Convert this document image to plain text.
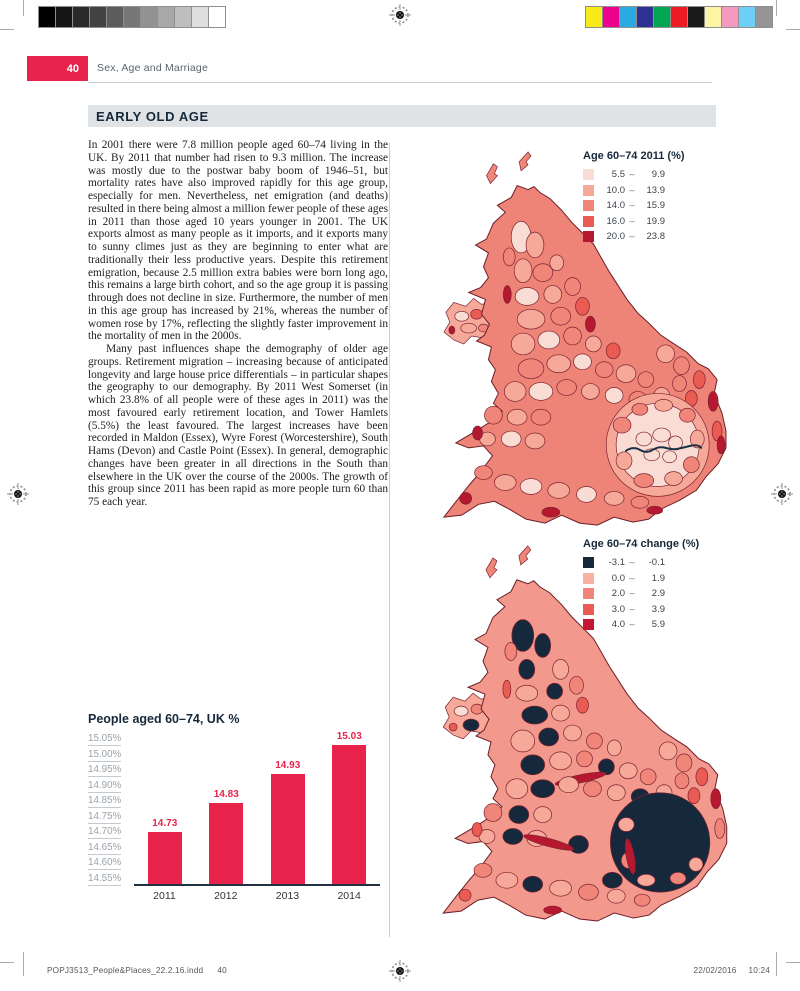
40 Sex, Age and Marriage
EARLY OLD AGE

In 2001 there were 7.8 million people aged 60–74 living in the UK. By 2011 that number had risen to 9.3 million. The increase was mostly due to the postwar baby boom of 1946–51, but mortality rates have also improved rapidly for this age group, especially for men. Nevertheless, net emigration (and deaths) resulted in there being almost a million fewer people of these ages in 2011 than those aged 10 years younger in 2001. The UK exports almost as many people as it imports, and it exports many to sunny climes just as they are beginning to enter what are traditionally their less productive years. Despite this retirement emigration, because 2.5 million extra babies were born long ago, this remains a large birth cohort, and so the age group it is passing through does not decline in size. Furthermore, the number of men in this age group has increased by 21%, whereas the number of women rose by 17%, reflecting the slightly faster improvement in the mortality of men in the 2000s.

Many past influences shape the demography of older age groups. Retirement migration – increasing because of anticipated longevity and large house price differentials – in particular shapes the geography to our demography. By 2011 West Somerset (in which 23.8% of all people were of these ages in 2011) was the most favoured early retirement location, and Tower Hamlets (5.5%) the least favoured. The largest increases have been recorded in Maldon (Essex), Wyre Forest (Worcestershire), South Hams (Devon) and Castle Point (Essex). In general, demographic changes have been greater in all directions in the South than elsewhere in the UK over the course of the 2000s. The growth of this group since 2011 has been rapid as more people turn 60 than 75 each year.

Age 60–74 2011 (%)
5.5 –	9.9
10.0 –	13.9
14.0 –	15.9
16.0 –	19.9
20.0 –	23.8
Age 60–74 change (%)
-3.1 –	-0.1
0.0 –	1.9
2.0 –	2.9
3.0 –	3.9
4.0 –	5.9
People aged 60–74, UK %
15.05%
15.00%
14.95%
14.90%
14.85%
14.75%
14.70%
14.65%
14.60%
14.55%
14.73
14.83
14.93
15.03
2011	2012	2013	2014
POPJ3513_People&Places_22.2.16.indd 40	22/02/2016 10:24
